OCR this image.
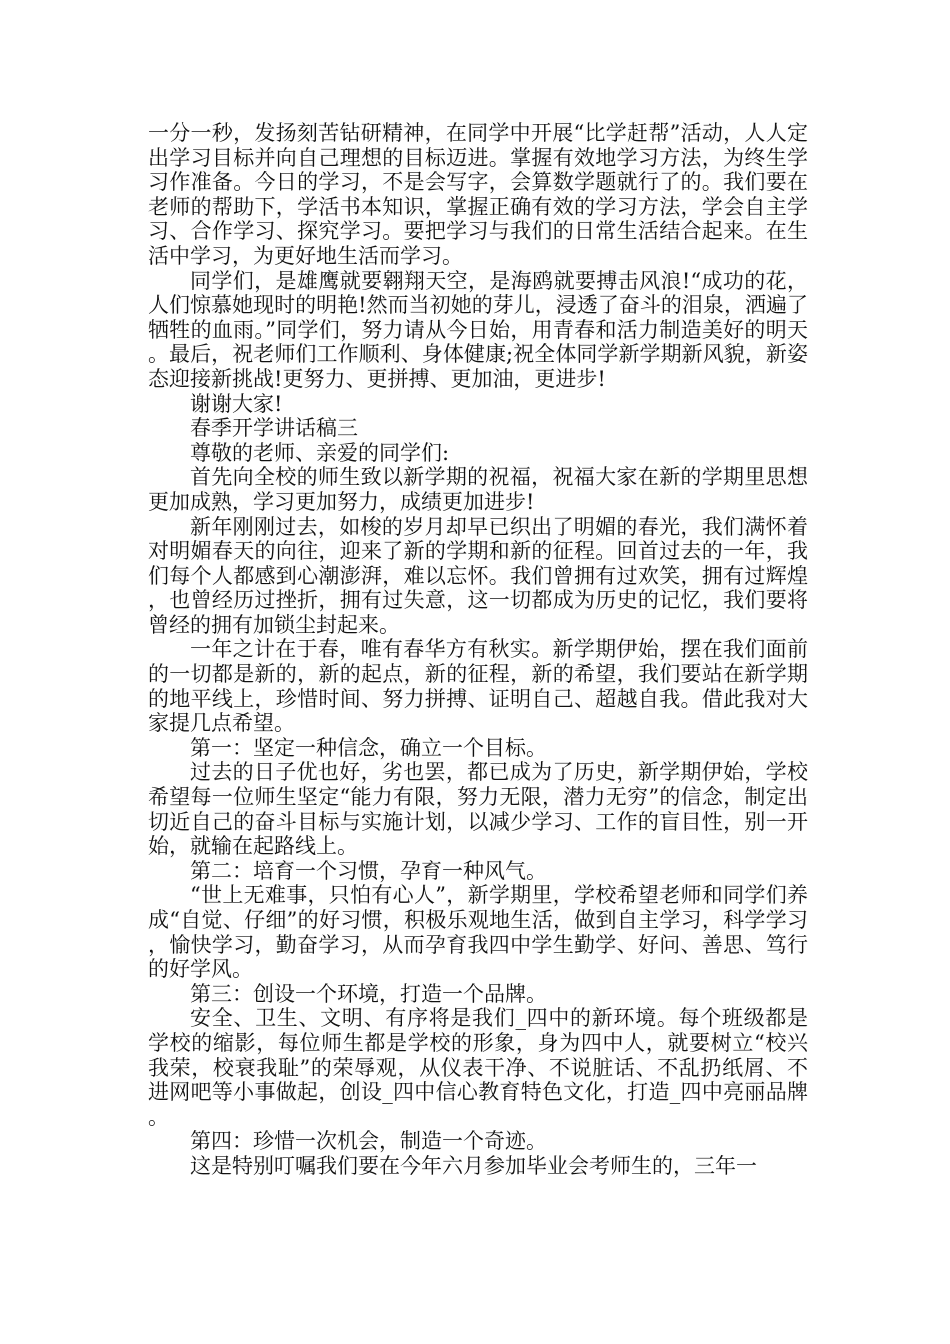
一分一秒，发扬刻苦钻研精神，在同学中开展“比学赶帮”活动，人人定出学习目标并向自己理想的目标迈进。掌握有效地学习方法，为终生学习作准备。今日的学习，不是会写字，会算数学题就行了的。我们要在老师的帮助下，学活书本知识，掌握正确有效的学习方法，学会自主学习、合作学习、探究学习。要把学习与我们的日常生活结合起来。在生活中学习，为更好地生活而学习。

同学们，是雄鹰就要翱翔天空，是海鸥就要搏击风浪!“成功的花，人们惊慕她现时的明艳!然而当初她的芽儿，浸透了奋斗的泪泉，洒遍了牺牲的血雨。”同学们，努力请从今日始，用青春和活力制造美好的明天。最后，祝老师们工作顺利、身体健康;祝全体同学新学期新风貌，新姿态迎接新挑战!更努力、更拼搏、更加油，更进步!

谢谢大家!

春季开学讲话稿三

尊敬的老师、亲爱的同学们:

首先向全校的师生致以新学期的祝福，祝福大家在新的学期里思想更加成熟，学习更加努力，成绩更加进步!

新年刚刚过去，如梭的岁月却早已织出了明媚的春光，我们满怀着对明媚春天的向往，迎来了新的学期和新的征程。回首过去的一年，我们每个人都感到心潮澎湃，难以忘怀。我们曾拥有过欢笑，拥有过辉煌，也曾经历过挫折，拥有过失意，这一切都成为历史的记忆，我们要将曾经的拥有加锁尘封起来。

一年之计在于春，唯有春华方有秋实。新学期伊始，摆在我们面前的一切都是新的，新的起点，新的征程，新的希望，我们要站在新学期的地平线上，珍惜时间、努力拼搏、证明自己、超越自我。借此我对大家提几点希望。

第一：坚定一种信念，确立一个目标。

过去的日子优也好，劣也罢，都已成为了历史，新学期伊始，学校希望每一位师生坚定“能力有限，努力无限，潜力无穷”的信念，制定出切近自己的奋斗目标与实施计划，以减少学习、工作的盲目性，别一开始，就输在起路线上。

第二：培育一个习惯，孕育一种风气。

“世上无难事，只怕有心人”，新学期里，学校希望老师和同学们养成“自觉、仔细”的好习惯，积极乐观地生活，做到自主学习，科学学习，愉快学习，勤奋学习，从而孕育我四中学生勤学、好问、善思、笃行的好学风。

第三：创设一个环境，打造一个品牌。

安全、卫生、文明、有序将是我们_四中的新环境。每个班级都是学校的缩影，每位师生都是学校的形象，身为四中人，就要树立“校兴我荣，校衰我耻”的荣辱观，从仪表干净、不说脏话、不乱扔纸屑、不进网吧等小事做起，创设_四中信心教育特色文化，打造_四中亮丽品牌。

第四：珍惜一次机会，制造一个奇迹。

这是特别叮嘱我们要在今年六月参加毕业会考师生的，三年一
